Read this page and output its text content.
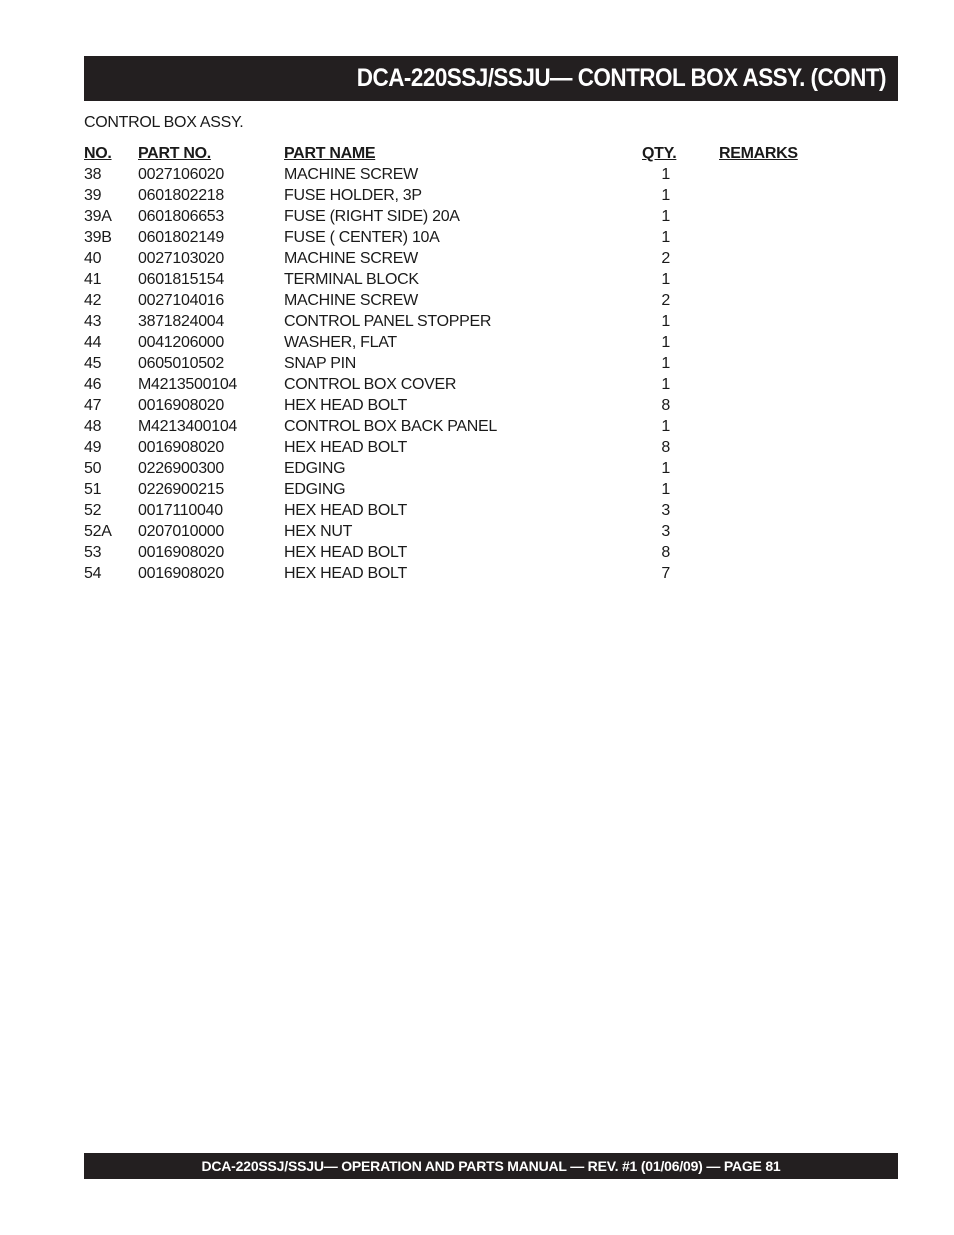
DCA-220SSJ/SSJU— CONTROL BOX ASSY. (CONT)
CONTROL BOX ASSY.
NO. PART NO.	PART NAME	QTY.	REMARKS
38 0027106020	MACHINE SCREW	1
39 0601802218	FUSE HOLDER, 3P	1
39A 0601806653	FUSE (RIGHT SIDE) 20A	1
39B 0601802149	FUSE ( CENTER) 10A	1
40 0027103020	MACHINE SCREW	2
41 0601815154	TERMINAL BLOCK	1
42 0027104016	MACHINE SCREW	2
43 3871824004	CONTROL PANEL STOPPER	1
44 0041206000	WASHER, FLAT	1
45 0605010502	SNAP PIN	1
46 M4213500104	CONTROL BOX COVER	1
47 0016908020	HEX HEAD BOLT	8
48 M4213400104	CONTROL BOX BACK PANEL	1
49 0016908020	HEX HEAD BOLT	8
50 0226900300	EDGING	1
51 0226900215	EDGING	1
52 0017110040	HEX HEAD BOLT	3
52A 0207010000	HEX NUT	3
53 0016908020	HEX HEAD BOLT	8
54 0016908020	HEX HEAD BOLT	7
DCA-220SSJ/SSJU— OPERATION AND PARTS MANUAL — REV. #1 (01/06/09) — PAGE 81
